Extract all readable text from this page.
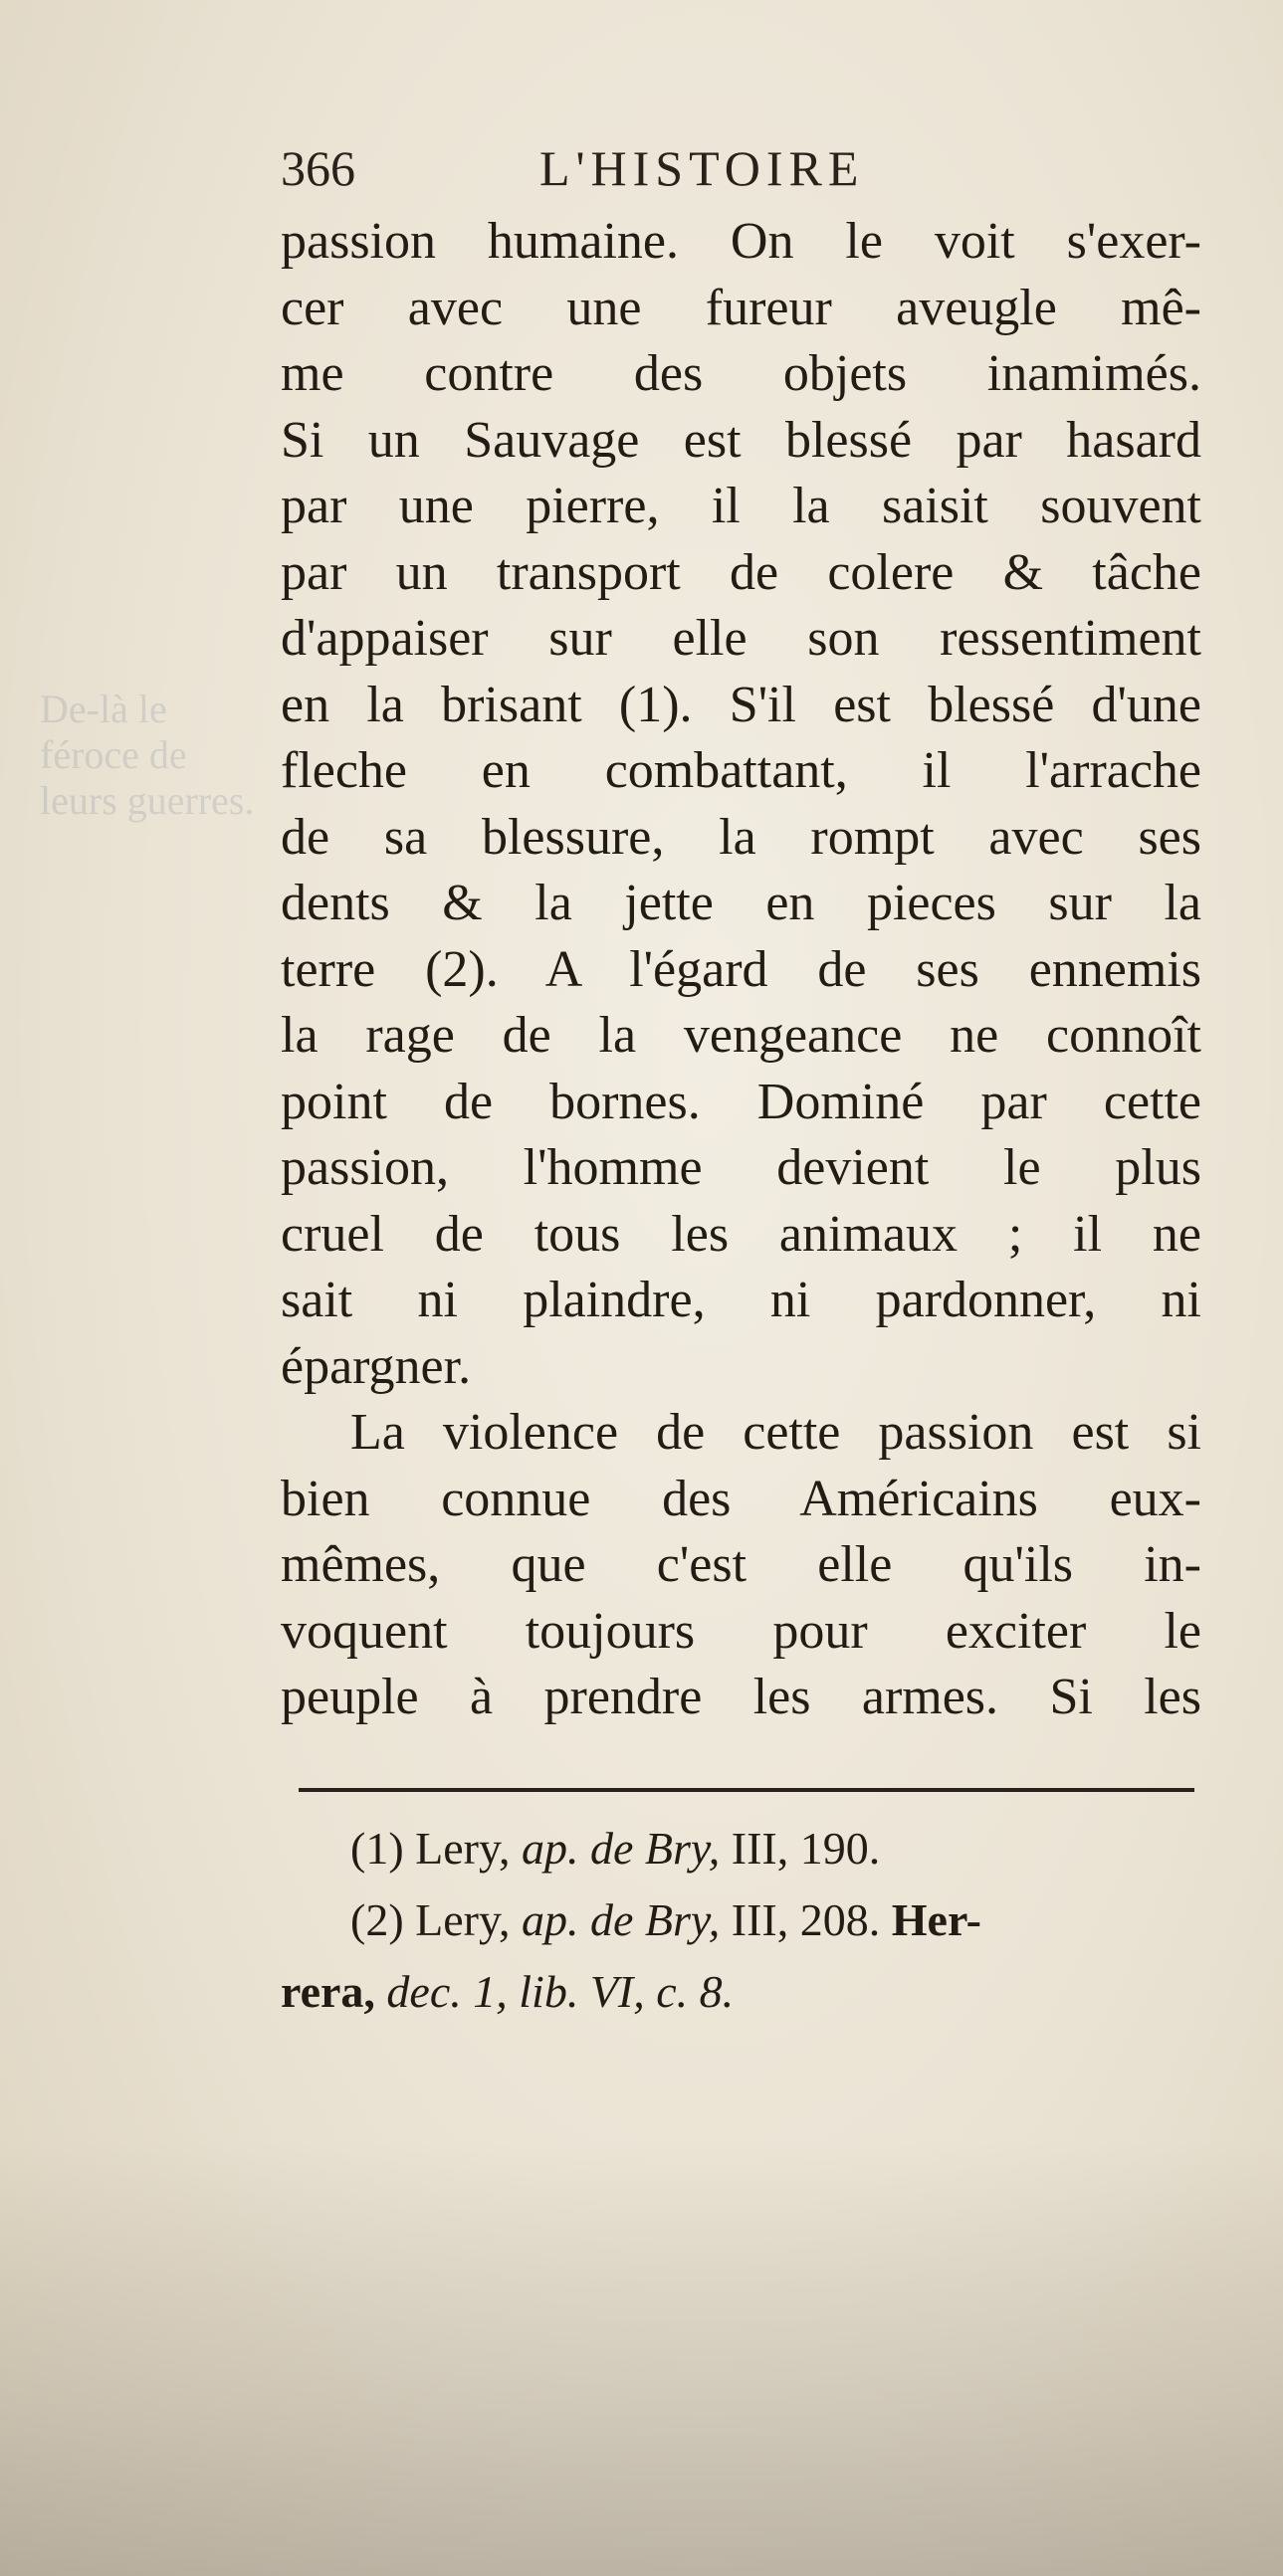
De-là le féroce de leurs guerres.
366	L'HISTOIRE
passion humaine. On le voit s'exer-
cer avec une fureur aveugle mê-
me contre des objets inamimés.
Si un Sauvage est blessé par hasard
par une pierre, il la saisit souvent
par un transport de colere & tâche
d'appaiser sur elle son ressentiment
en la brisant (1). S'il est blessé d'une
fleche en combattant, il l'arrache
de sa blessure, la rompt avec ses
dents & la jette en pieces sur la
terre (2). A l'égard de ses ennemis
la rage de la vengeance ne connoît
point de bornes. Dominé par cette
passion, l'homme devient le plus
cruel de tous les animaux ; il ne
sait ni plaindre, ni pardonner, ni
épargner.
La violence de cette passion est si
bien connue des Américains eux-
mêmes, que c'est elle qu'ils in-
voquent toujours pour exciter le
peuple à prendre les armes. Si les
(1) Lery, ap. de Bry, III, 190.
(2) Lery, ap. de Bry, III, 208. Her-
rera, dec. 1, lib. VI, c. 8.
